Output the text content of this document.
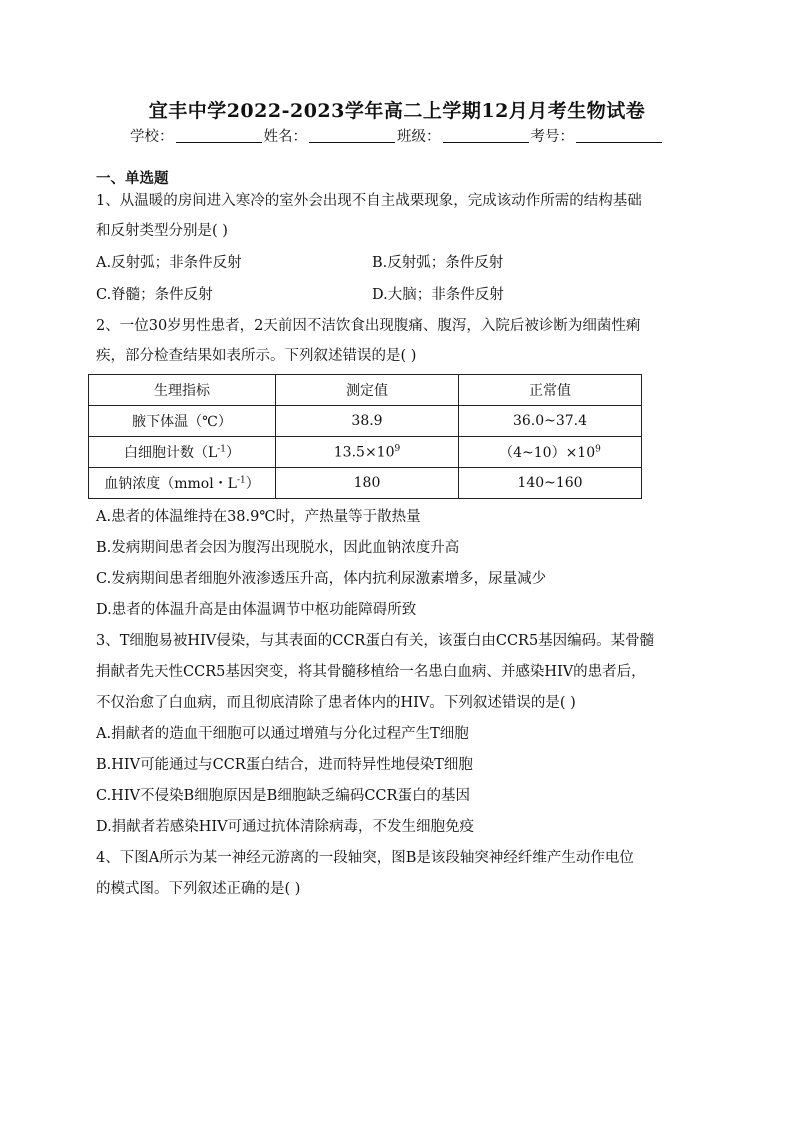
宜丰中学2022-2023学年高二上学期12月月考生物试卷
学校：	姓名：	班级：	考号：
一、单选题
1、从温暖的房间进入寒冷的室外会出现不自主战栗现象，完成该动作所需的结构基础
和反射类型分别是( )
A.反射弧；非条件反射	B.反射弧；条件反射
C.脊髓；条件反射	D.大脑；非条件反射
2、一位30岁男性患者，2天前因不洁饮食出现腹痛、腹泻，入院后被诊断为细菌性痢
疾，部分检查结果如表所示。下列叙述错误的是( )
生理指标	测定值	正常值
腋下体温（℃）	38.9	36.0~37.4
白细胞计数$(L^{-1})$	$13.5\times 10^9$	$(4\sim 10)\times 10^9$
血钠浓度（mmol・$L^{-1}$）	180	140~160
A.患者的体温维持在38.9℃时，产热量等于散热量
B.发病期间患者会因为腹泻出现脱水，因此血钠浓度升高
C.发病期间患者细胞外液渗透压升高，体内抗利尿激素增多，尿量减少
D.患者的体温升高是由体温调节中枢功能障碍所致
3、T细胞易被HIV侵染，与其表面的CCR蛋白有关，该蛋白由CCR5基因编码。某骨髓
捐献者先天性CCR5基因突变，将其骨髓移植给一名患白血病、并感染HIV的患者后，
不仅治愈了白血病，而且彻底清除了患者体内的HIV。下列叙述错误的是( )
A.捐献者的造血干细胞可以通过增殖与分化过程产生T细胞
B.HIV可能通过与CCR蛋白结合，进而特异性地侵染T细胞
C.HIV不侵染B细胞原因是B细胞缺乏编码CCR蛋白的基因
D.捐献者若感染HIV可通过抗体清除病毒，不发生细胞免疫
4、下图A所示为某一神经元游离的一段轴突，图B是该段轴突神经纤维产生动作电位
的模式图。下列叙述正确的是( )
